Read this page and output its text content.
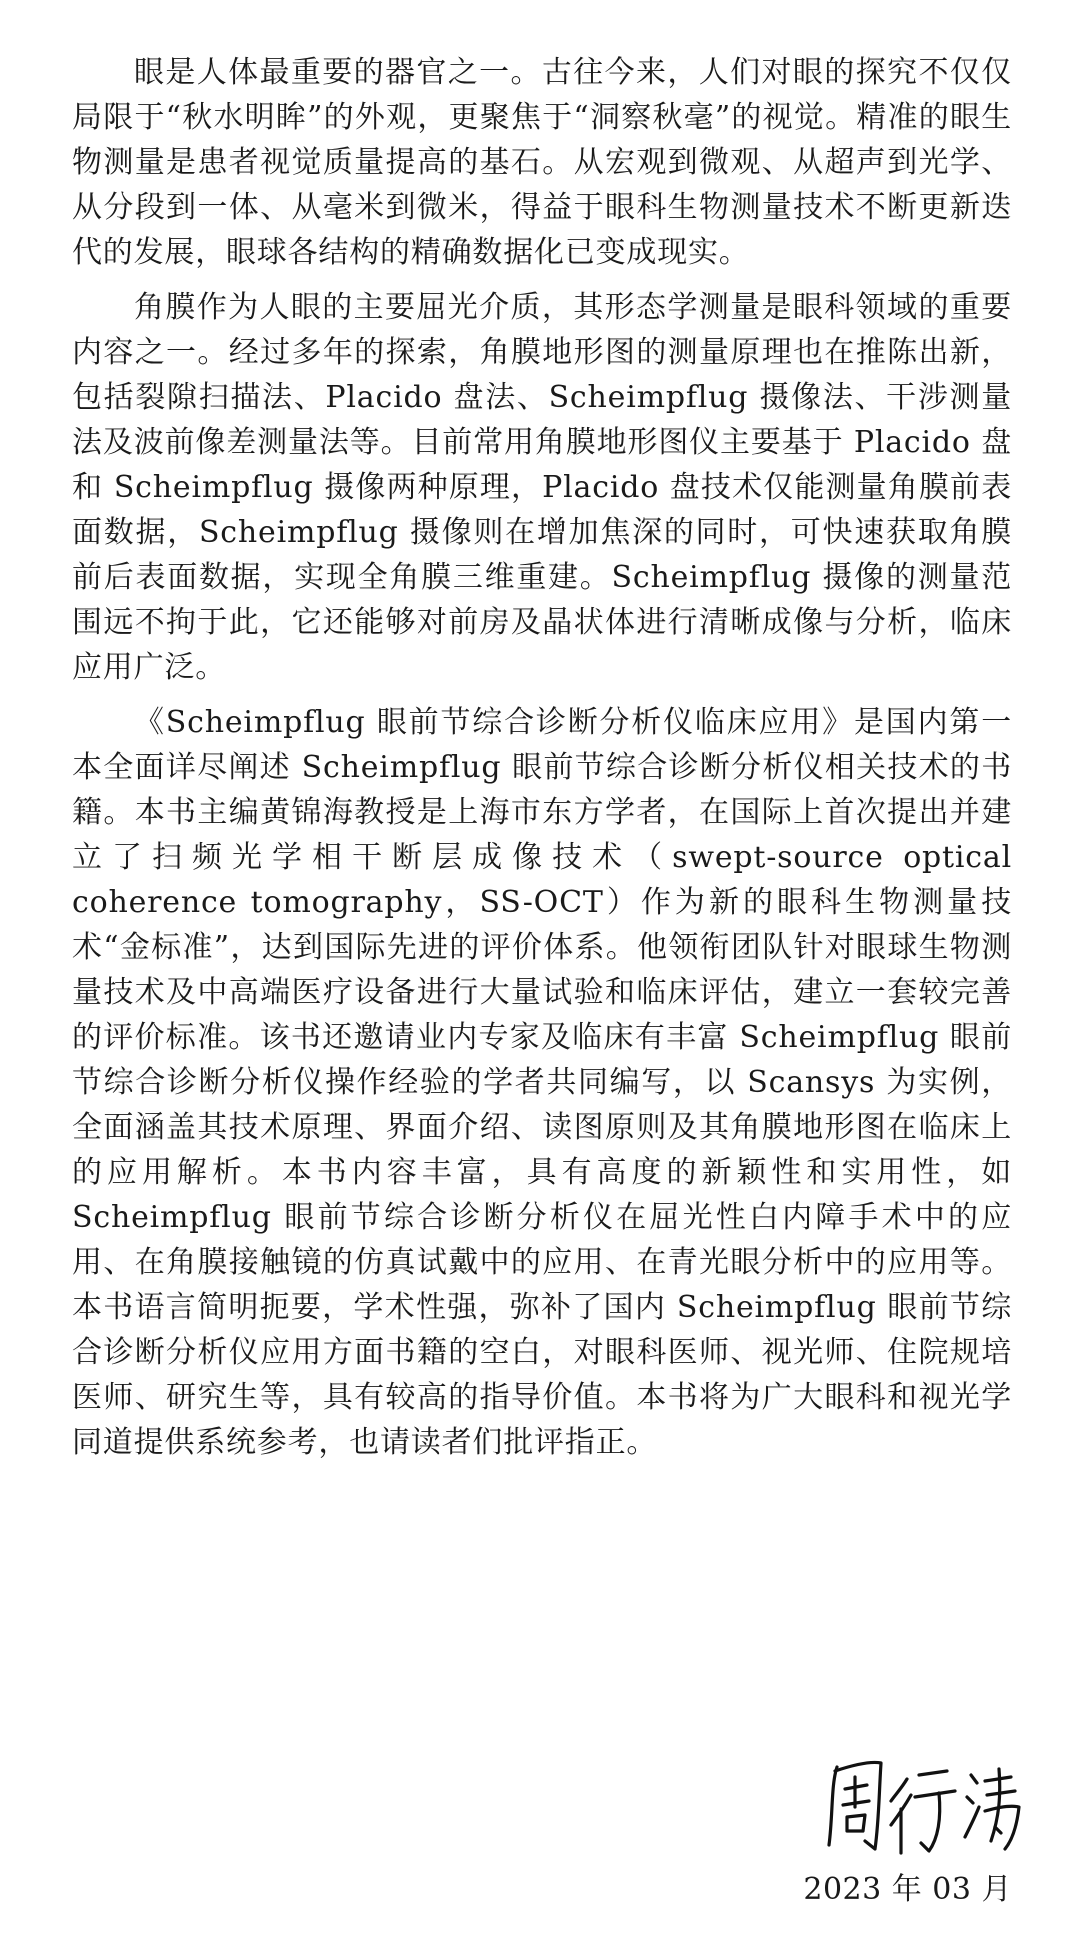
眼是人体最重要的器官之一。古往今来，人们对眼的探究不仅仅局限于“秋水明眸”的外观，更聚焦于“洞察秋毫”的视觉。精准的眼生物测量是患者视觉质量提高的基石。从宏观到微观、从超声到光学、从分段到一体、从毫米到微米，得益于眼科生物测量技术不断更新迭代的发展，眼球各结构的精确数据化已变成现实。

角膜作为人眼的主要屈光介质，其形态学测量是眼科领域的重要内容之一。经过多年的探索，角膜地形图的测量原理也在推陈出新，包括裂隙扫描法、Placido 盘法、Scheimpflug 摄像法、干涉测量法及波前像差测量法等。目前常用角膜地形图仪主要基于 Placido 盘和 Scheimpflug 摄像两种原理，Placido 盘技术仅能测量角膜前表面数据，Scheimpflug 摄像则在增加焦深的同时，可快速获取角膜前后表面数据，实现全角膜三维重建。Scheimpflug 摄像的测量范围远不拘于此，它还能够对前房及晶状体进行清晰成像与分析，临床应用广泛。

《Scheimpflug 眼前节综合诊断分析仪临床应用》是国内第一本全面详尽阐述 Scheimpflug 眼前节综合诊断分析仪相关技术的书籍。本书主编黄锦海教授是上海市东方学者，在国际上首次提出并建立了扫频光学相干断层成像技术（swept-source optical coherence tomography，SS-OCT）作为新的眼科生物测量技术“金标准”，达到国际先进的评价体系。他领衔团队针对眼球生物测量技术及中高端医疗设备进行大量试验和临床评估，建立一套较完善的评价标准。该书还邀请业内专家及临床有丰富 Scheimpflug 眼前节综合诊断分析仪操作经验的学者共同编写，以 Scansys 为实例，全面涵盖其技术原理、界面介绍、读图原则及其角膜地形图在临床上的应用解析。本书内容丰富，具有高度的新颖性和实用性，如 Scheimpflug 眼前节综合诊断分析仪在屈光性白内障手术中的应用、在角膜接触镜的仿真试戴中的应用、在青光眼分析中的应用等。本书语言简明扼要，学术性强，弥补了国内 Scheimpflug 眼前节综合诊断分析仪应用方面书籍的空白，对眼科医师、视光师、住院规培医师、研究生等，具有较高的指导价值。本书将为广大眼科和视光学同道提供系统参考，也请读者们批评指正。

2023 年 03 月
